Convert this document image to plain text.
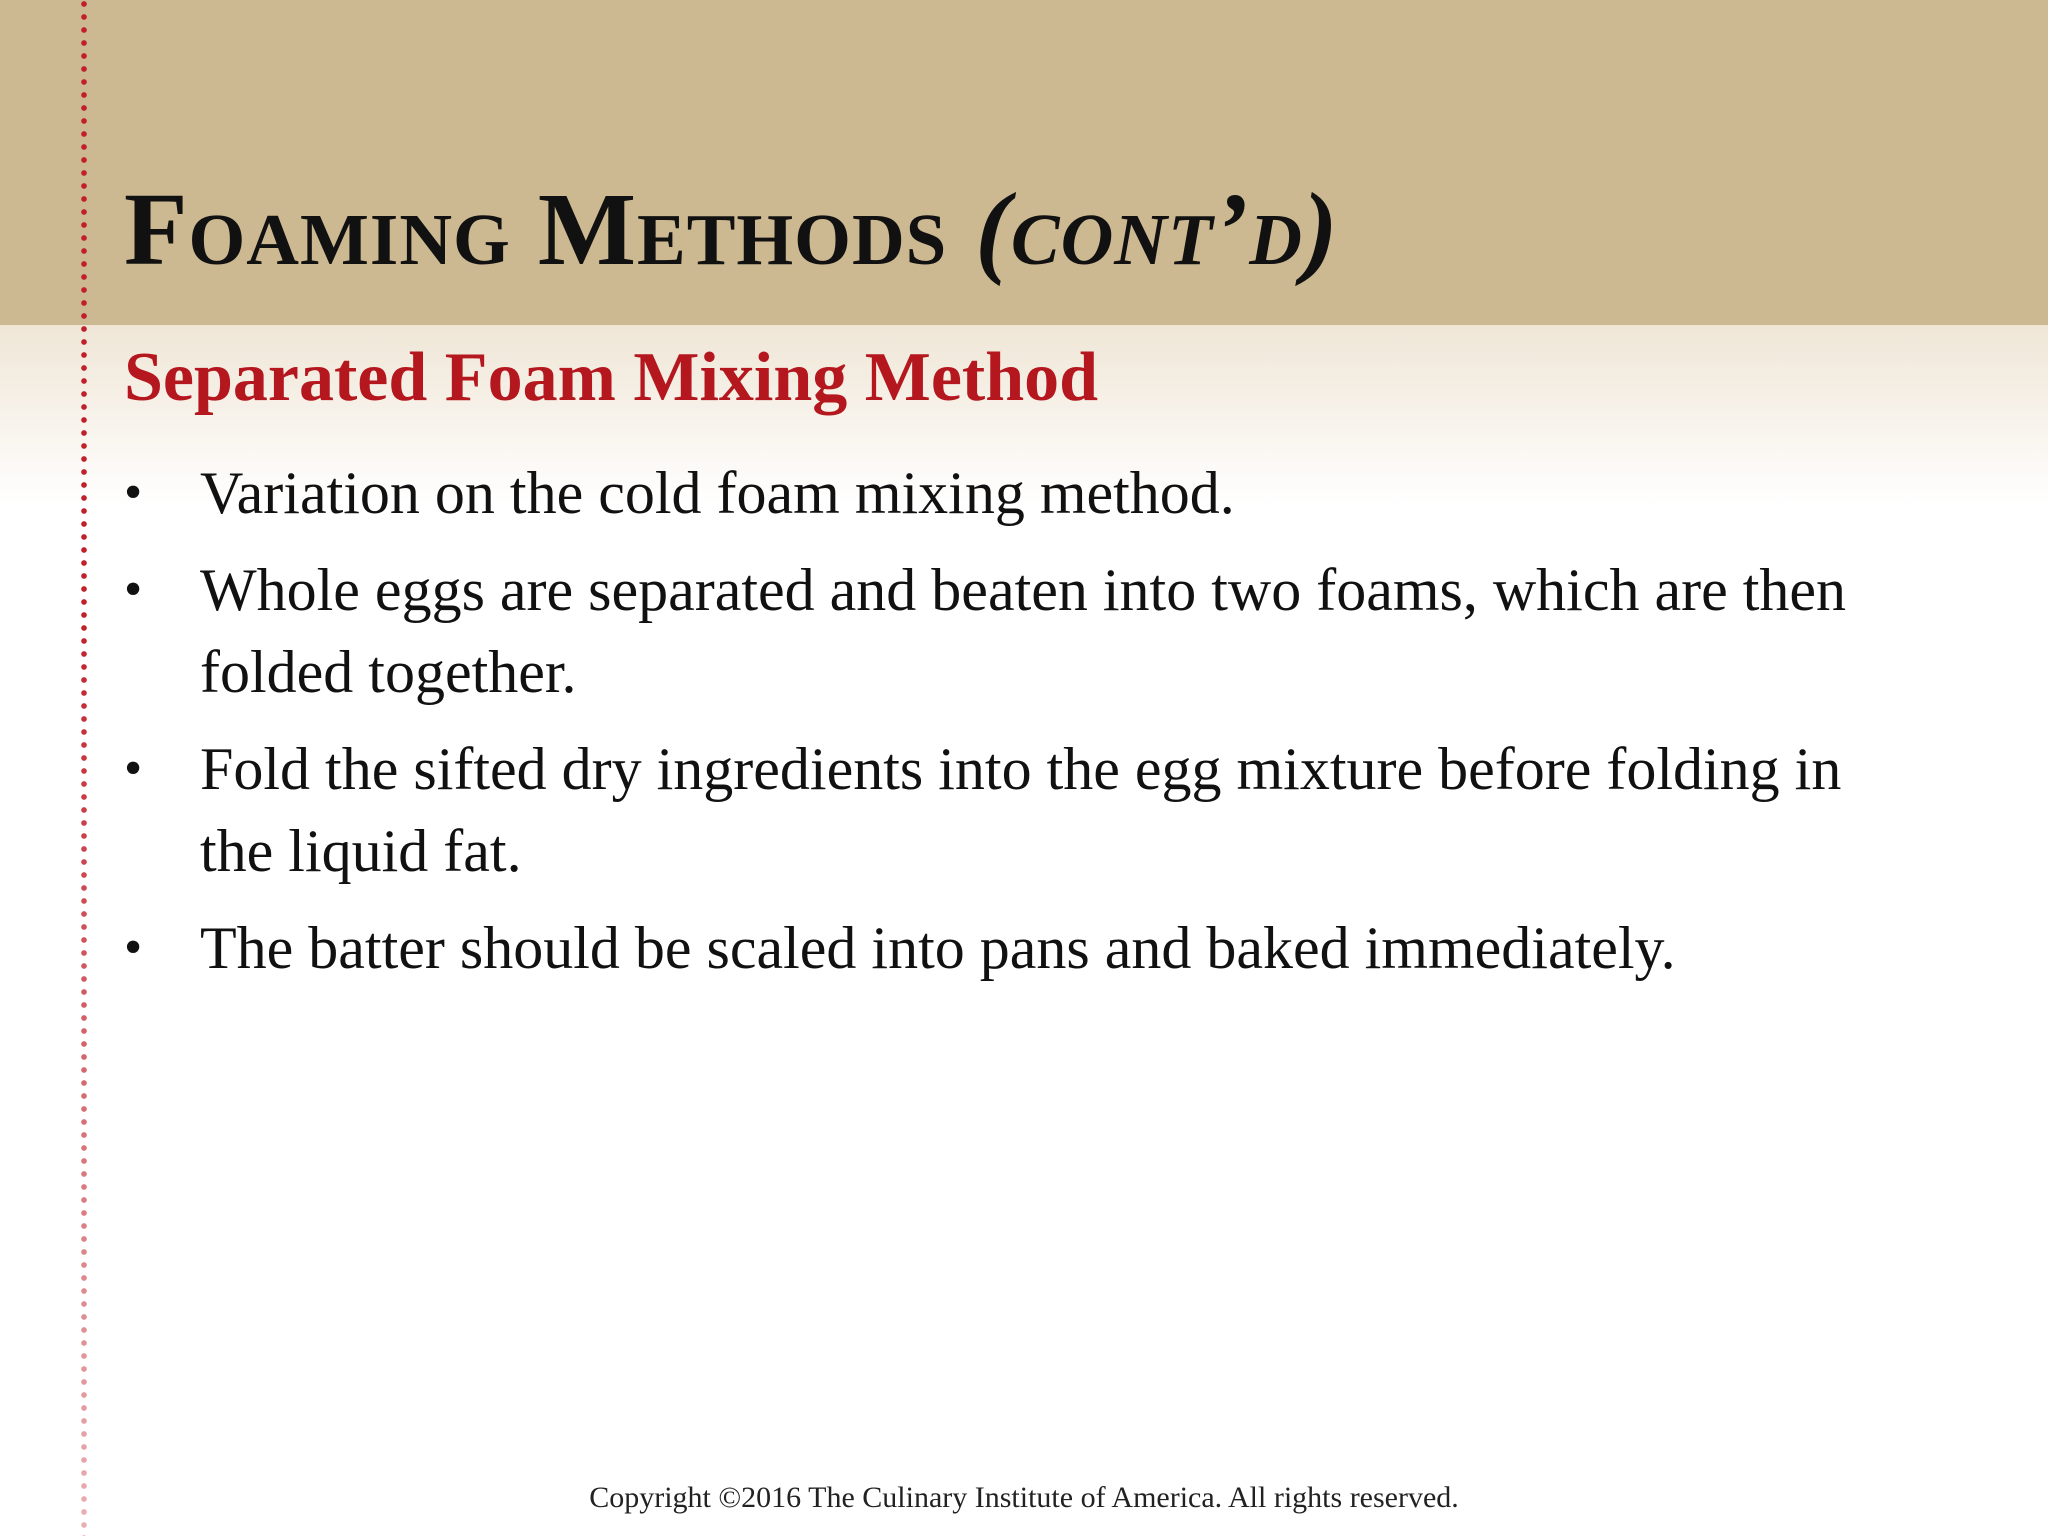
Foaming Methods (cont’d)
Separated Foam Mixing Method
• Variation on the cold foam mixing method.
• Whole eggs are separated and beaten into two foams, which are then folded together.
• Fold the sifted dry ingredients into the egg mixture before folding in the liquid fat.
• The batter should be scaled into pans and baked immediately.
Copyright ©2016 The Culinary Institute of America. All rights reserved.
